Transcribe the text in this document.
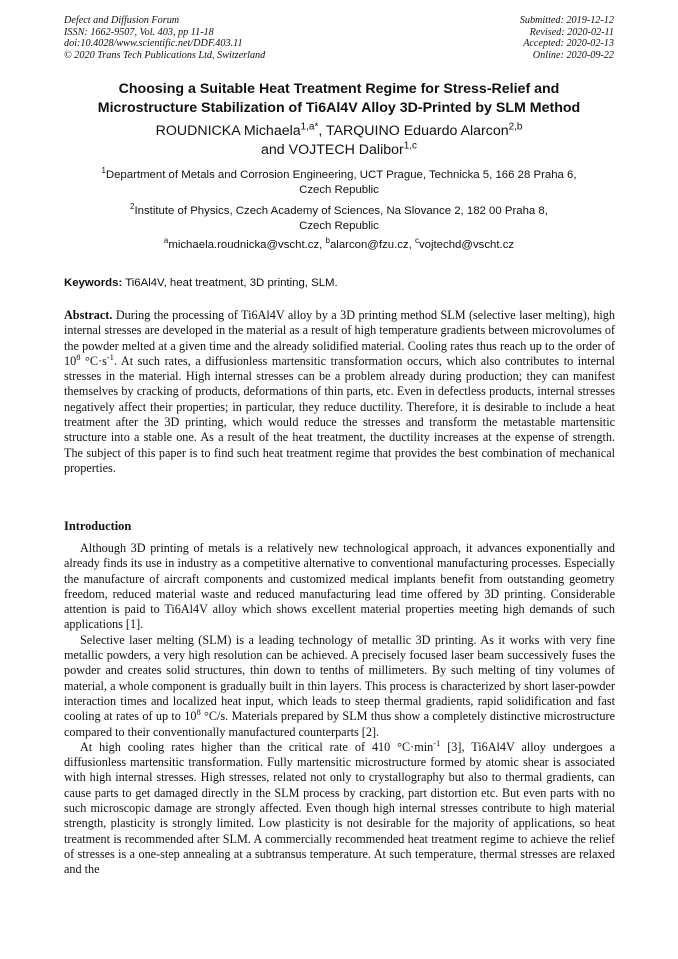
Defect and Diffusion Forum
ISSN: 1662-9507, Vol. 403, pp 11-18
doi:10.4028/www.scientific.net/DDF.403.11
© 2020 Trans Tech Publications Ltd, Switzerland
Submitted: 2019-12-12
Revised: 2020-02-11
Accepted: 2020-02-13
Online: 2020-09-22
Choosing a Suitable Heat Treatment Regime for Stress-Relief and
Microstructure Stabilization of Ti6Al4V Alloy 3D-Printed by SLM Method
ROUDNICKA Michaela$^{1,a*}$, TARQUINO Eduardo Alarcon$^{2,b}$
and VOJTECH Dalibor$^{1,c}$
$^1$Department of Metals and Corrosion Engineering, UCT Prague, Technicka 5, 166 28 Praha 6,
Czech Republic
$^2$Institute of Physics, Czech Academy of Sciences, Na Slovance 2, 182 00 Praha 8,
Czech Republic
$^a$michaela.roudnicka@vscht.cz, $^b$alarcon@fzu.cz, $^c$vojtechd@vscht.cz
Keywords: Ti6Al4V, heat treatment, 3D printing, SLM.
Abstract. During the processing of Ti6Al4V alloy by a 3D printing method SLM (selective laser melting), high internal stresses are developed in the material as a result of high temperature gradients between microvolumes of the powder melted at a given time and the already solidified material. Cooling rates thus reach up to the order of $10^8$ $^\circ C\cdot s^{-1}$. At such rates, a diffusionless martensitic transformation occurs, which also contributes to internal stresses in the material. High internal stresses can be a problem already during production; they can manifest themselves by cracking of products, deformations of thin parts, etc. Even in defectless products, internal stresses negatively affect their properties; in particular, they reduce ductility. Therefore, it is desirable to include a heat treatment after the 3D printing, which would reduce the stresses and transform the metastable martensitic structure into a stable one. As a result of the heat treatment, the ductility increases at the expense of strength. The subject of this paper is to find such heat treatment regime that provides the best combination of mechanical properties.
Introduction

Although 3D printing of metals is a relatively new technological approach, it advances exponentially and already finds its use in industry as a competitive alternative to conventional manufacturing processes. Especially the manufacture of aircraft components and customized medical implants benefit from outstanding geometry freedom, reduced material waste and reduced manufacturing lead time offered by 3D printing. Considerable attention is paid to Ti6Al4V alloy which shows excellent material properties meeting high demands of such applications [1].

Selective laser melting (SLM) is a leading technology of metallic 3D printing. As it works with very fine metallic powders, a very high resolution can be achieved. A precisely focused laser beam successively fuses the powder and creates solid structures, thin down to tenths of millimeters. By such melting of tiny volumes of material, a whole component is gradually built in thin layers. This process is characterized by short laser-powder interaction times and localized heat input, which leads to steep thermal gradients, rapid solidification and fast cooling at rates of up to $10^8$ °C/s. Materials prepared by SLM thus show a completely distinctive microstructure compared to their conventionally manufactured counterparts [2].

At high cooling rates higher than the critical rate of 410 $^\circ C\cdot\min^{-1}$ [3], Ti6Al4V alloy undergoes a diffusionless martensitic transformation. Fully martensitic microstructure formed by atomic shear is associated with high internal stresses. High stresses, related not only to crystallography but also to thermal gradients, can cause parts to get damaged directly in the SLM process by cracking, part distortion etc. But even parts with no such microscopic damage are strongly affected. Even though high internal stresses contribute to high material strength, plasticity is strongly limited. Low plasticity is not desirable for the majority of applications, so heat treatment is recommended after SLM. A commercially recommended heat treatment regime to achieve the relief of stresses is a one-step annealing at a subtransus temperature. At such temperature, thermal stresses are relaxed and the
